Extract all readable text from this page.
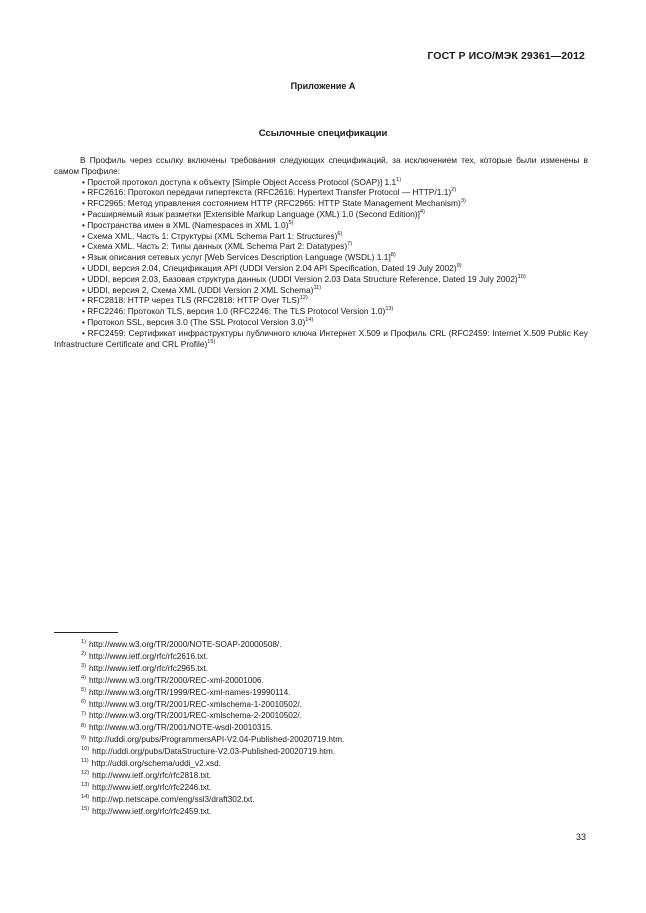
ГОСТ Р ИСО/МЭК 29361—2012
Приложение А
Ссылочные спецификации

В Профиль через ссылку включены требования следующих спецификаций, за исключением тех, которые были изменены в самом Профиле:

• Простой протокол доступа к объекту [Simple Object Access Protocol (SOAP)] 1.1$^{1)}$
• RFC2616: Протокол передачи гипертекста (RFC2616: Hypertext Transfer Protocol — HTTP/1.1)$^{2)}$
• RFC2965: Метод управления состоянием HTTP (RFC2965: HTTP State Management Mechanism)$^{3)}$
• Расширяемый язык разметки [Extensible Markup Language (XML) 1.0 (Second Edition)]$^{4)}$
• Пространства имен в XML (Namespaces in XML 1.0)$^{5)}$
• Схема XML. Часть 1: Структуры (XML Schema Part 1: Structures)$^{6)}$
• Схема XML. Часть 2: Типы данных (XML Schema Part 2: Datatypes)$^{7)}$
• Язык описания сетевых услуг [Web Services Description Language (WSDL) 1.1]$^{8)}$
• UDDI, версия 2.04, Спецификация API (UDDI Version 2.04 API Specification, Dated 19 July 2002)$^{9)}$
• UDDI, версия 2.03, Базовая структура данных (UDDI Version 2.03 Data Structure Reference, Dated 19 July 2002)$^{10)}$
• UDDI, версия 2, Схема XML (UDDI Version 2 XML Schema)$^{11)}$
• RFC2818: HTTP через TLS (RFC2818: HTTP Over TLS)$^{12)}$
• RFC2246: Протокол TLS, версия 1.0 (RFC2246: The TLS Protocol Version 1.0)$^{13)}$
• Протокол SSL, версия 3.0 (The SSL Protocol Version 3.0)$^{14)}$
• RFC2459: Сертификат инфраструктуры публичного ключа Интернет X.509 и Профиль CRL (RFC2459: Internet X.509 Public Key Infrastructure Certificate and CRL Profile)$^{15)}$
$^{1)}$ http://www.w3.org/TR/2000/NOTE-SOAP-20000508/.
$^{2)}$ http://www.ietf.org/rfc/rfc2616.txt.
$^{3)}$ http://www.ietf.org/rfc/rfc2965.txt.
$^{4)}$ http://www.w3.org/TR/2000/REC-xml-20001006.
$^{5)}$ http://www.w3.org/TR/1999/REC-xml-names-19990114.
$^{6)}$ http://www.w3.org/TR/2001/REC-xmlschema-1-20010502/.
$^{7)}$ http://www.w3.org/TR/2001/REC-xmlschema-2-20010502/.
$^{8)}$ http://www.w3.org/TR/2001/NOTE-wsdl-20010315.
$^{9)}$ http://uddi.org/pubs/ProgrammersAPI-V2.04-Published-20020719.htm.
$^{10)}$ http://uddi.org/pubs/DataStructure-V2.03-Published-20020719.htm.
$^{11)}$ http://uddi.org/schema/uddi_v2.xsd.
$^{12)}$ http://www.ietf.org/rfc/rfc2818.txt.
$^{13)}$ http://www.ietf.org/rfc/rfc2246.txt.
$^{14)}$ http://wp.netscape.com/eng/ssl3/draft302.txt.
$^{15)}$ http://www.ietf.org/rfc/rfc2459.txt.
33
